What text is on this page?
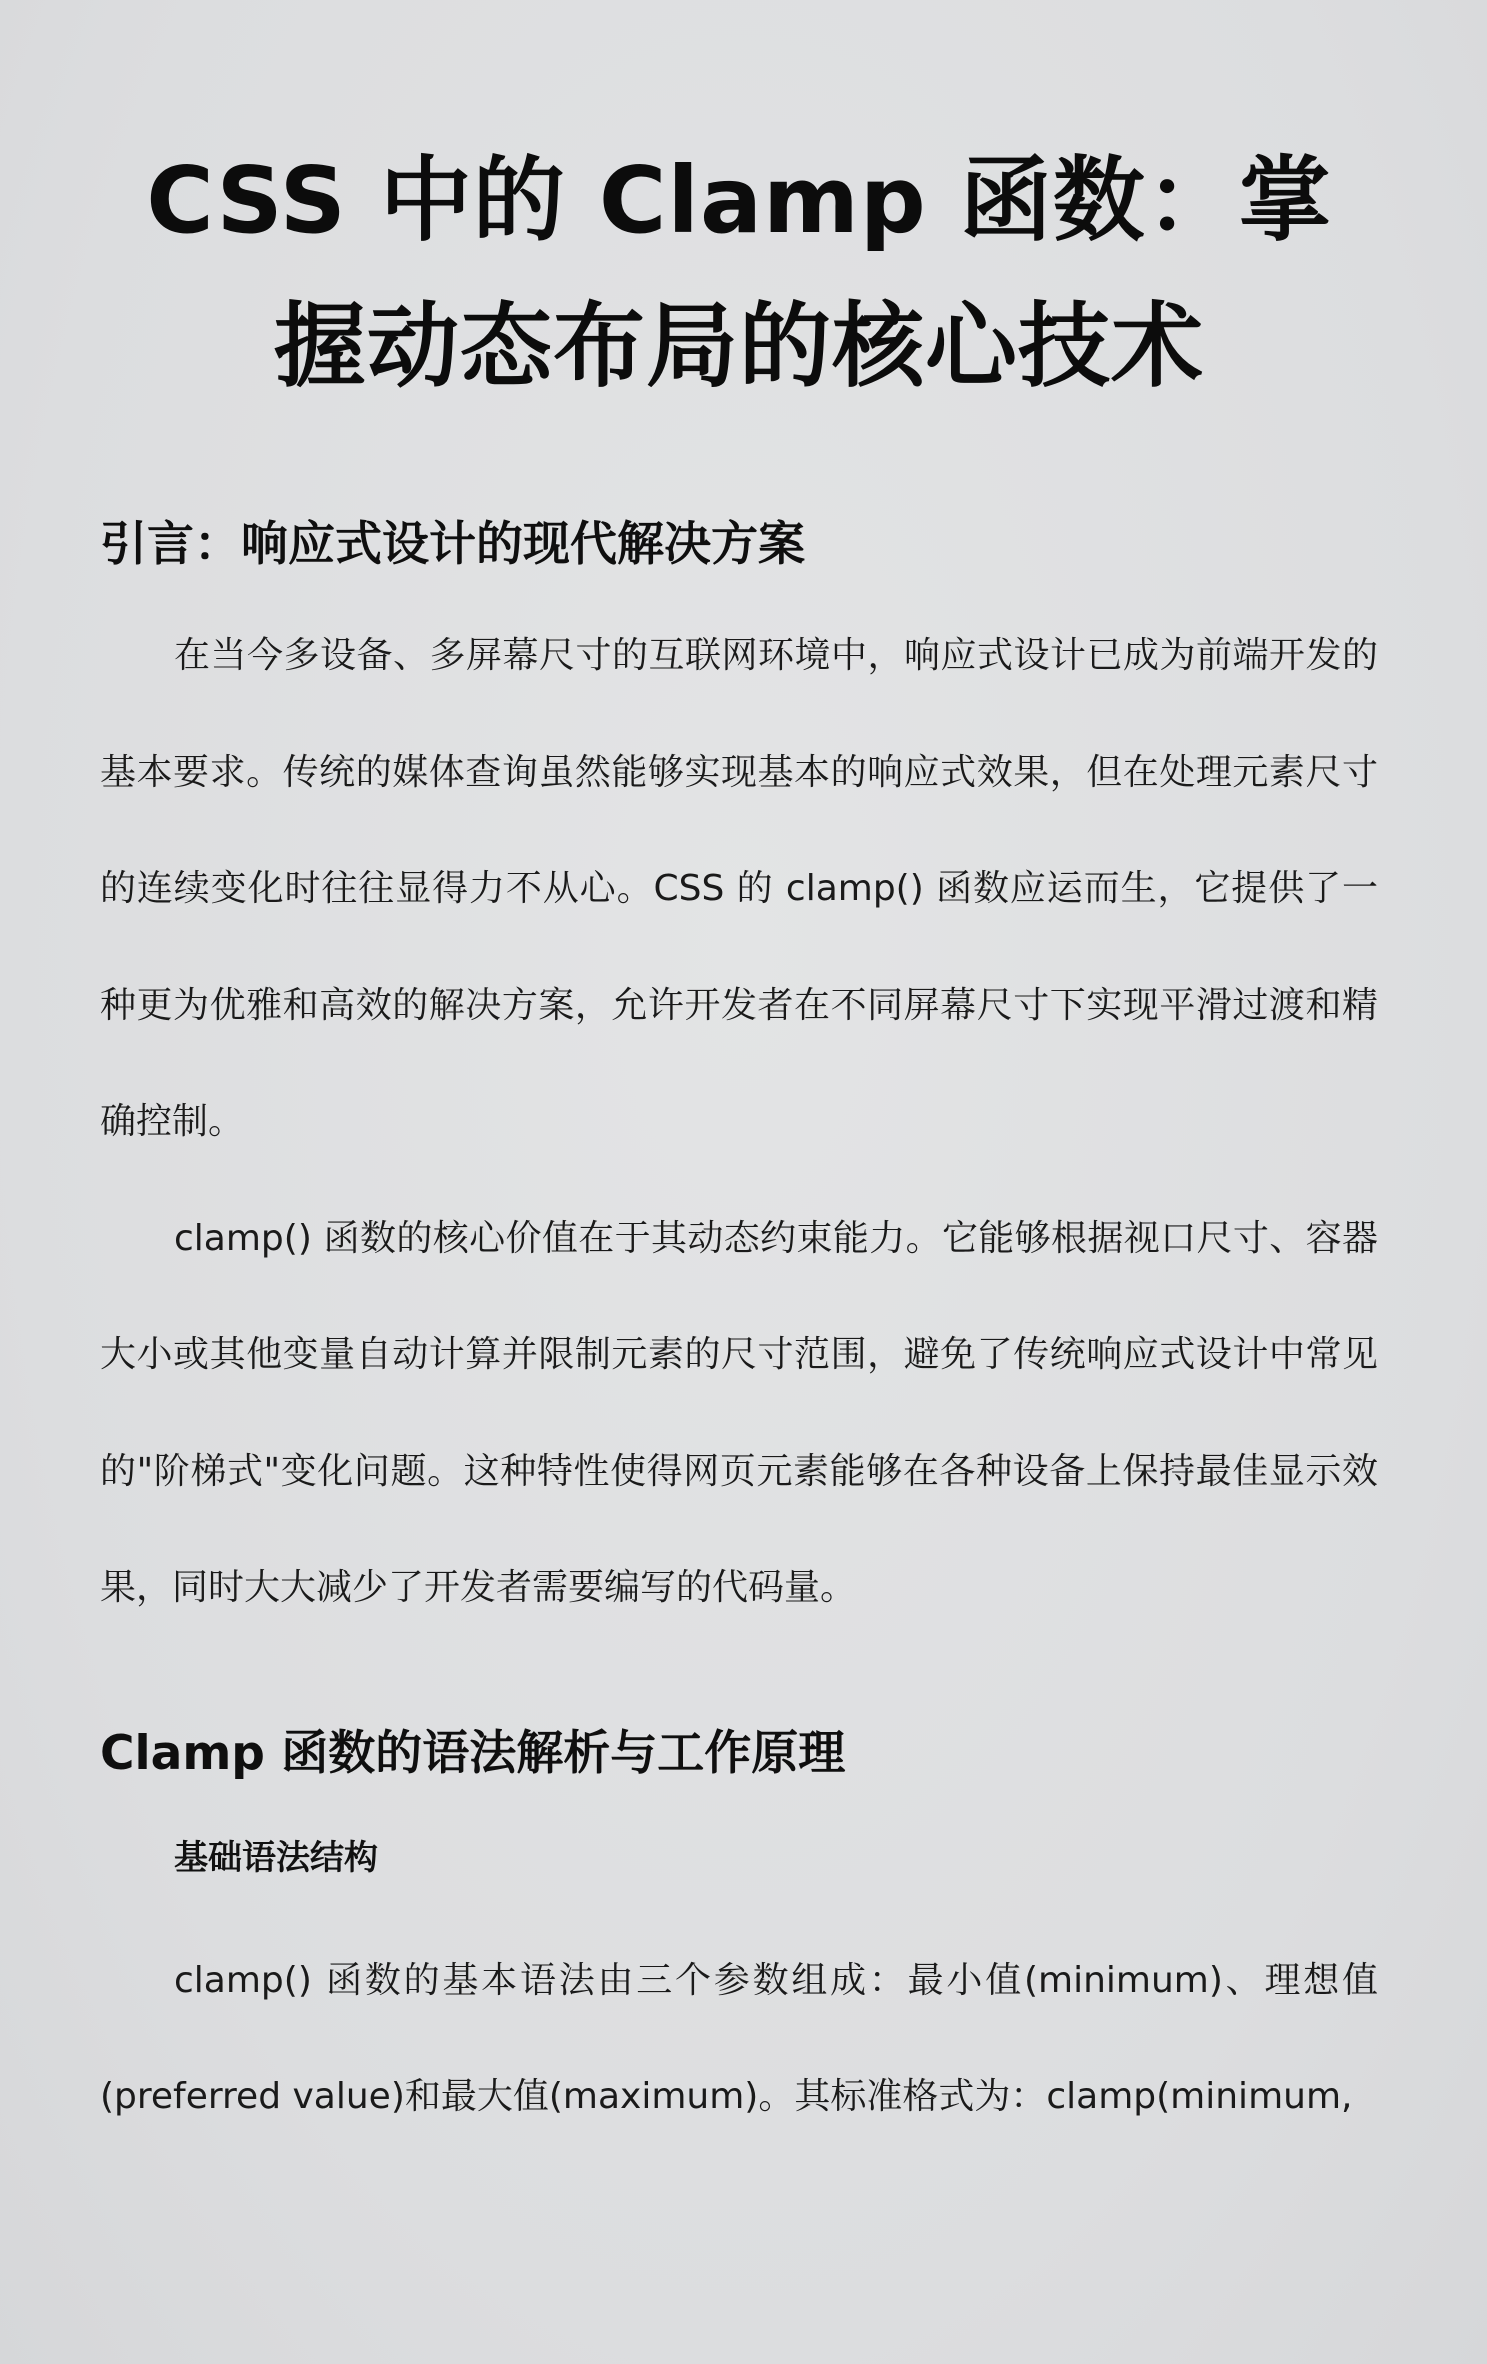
CSS 中的 Clamp 函数：掌握动态布局的核心技术
引言：响应式设计的现代解决方案

在当今多设备、多屏幕尺寸的互联网环境中，响应式设计已成为前端开发的基本要求。传统的媒体查询虽然能够实现基本的响应式效果，但在处理元素尺寸的连续变化时往往显得力不从心。CSS 的 clamp() 函数应运而生，它提供了一种更为优雅和高效的解决方案，允许开发者在不同屏幕尺寸下实现平滑过渡和精确控制。

clamp() 函数的核心价值在于其动态约束能力。它能够根据视口尺寸、容器大小或其他变量自动计算并限制元素的尺寸范围，避免了传统响应式设计中常见的"阶梯式"变化问题。这种特性使得网页元素能够在各种设备上保持最佳显示效果，同时大大减少了开发者需要编写的代码量。

Clamp 函数的语法解析与工作原理
基础语法结构

clamp() 函数的基本语法由三个参数组成：最小值(minimum)、理想值(preferred value)和最大值(maximum)。其标准格式为：clamp(minimum,
